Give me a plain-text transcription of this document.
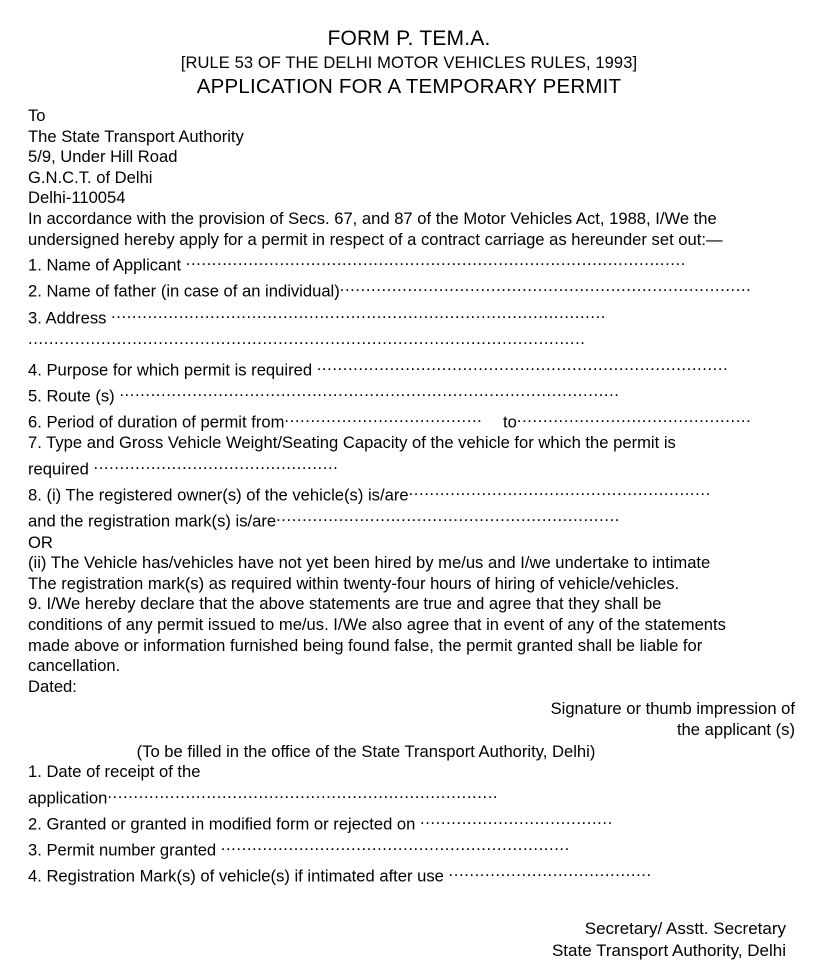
FORM P. TEM.A.
[RULE 53 OF THE DELHI MOTOR VEHICLES RULES, 1993]
APPLICATION FOR A TEMPORARY PERMIT
To
The State Transport Authority
5/9, Under Hill Road
G.N.C.T. of Delhi
Delhi-110054
In accordance with the provision of Secs. 67, and 87 of the Motor Vehicles Act, 1988, I/We the
undersigned hereby apply for a permit in respect of a contract carriage as hereunder set out:—
1. Name of Applicant ................................................................................................
2. Name of father (in case of an individual)...............................................................................
3. Address ...............................................................................................
...........................................................................................................
4. Purpose for which permit is required ...............................................................................
5. Route (s) ................................................................................................
6. Period of duration of permit from...................................... to.............................................
7. Type and Gross Vehicle Weight/Seating Capacity of the vehicle for which the permit is
required ...............................................
8. (i) The registered owner(s) of the vehicle(s) is/are..........................................................
and the registration mark(s) is/are..................................................................
OR
(ii) The Vehicle has/vehicles have not yet been hired by me/us and I/we undertake to intimate
The registration mark(s) as required within twenty-four hours of hiring of vehicle/vehicles.
9. I/We hereby declare that the above statements are true and agree that they shall be
conditions of any permit issued to me/us. I/We also agree that in event of any of the statements
made above or information furnished being found false, the permit granted shall be liable for
cancellation.
Dated:
Signature or thumb impression of
the applicant (s)
(To be filled in the office of the State Transport Authority, Delhi)
1. Date of receipt of the
application...........................................................................
2. Granted or granted in modified form or rejected on .....................................
3. Permit number granted ...................................................................
4. Registration Mark(s) of vehicle(s) if intimated after use .......................................
Secretary/ Asstt. Secretary
State Transport Authority, Delhi
